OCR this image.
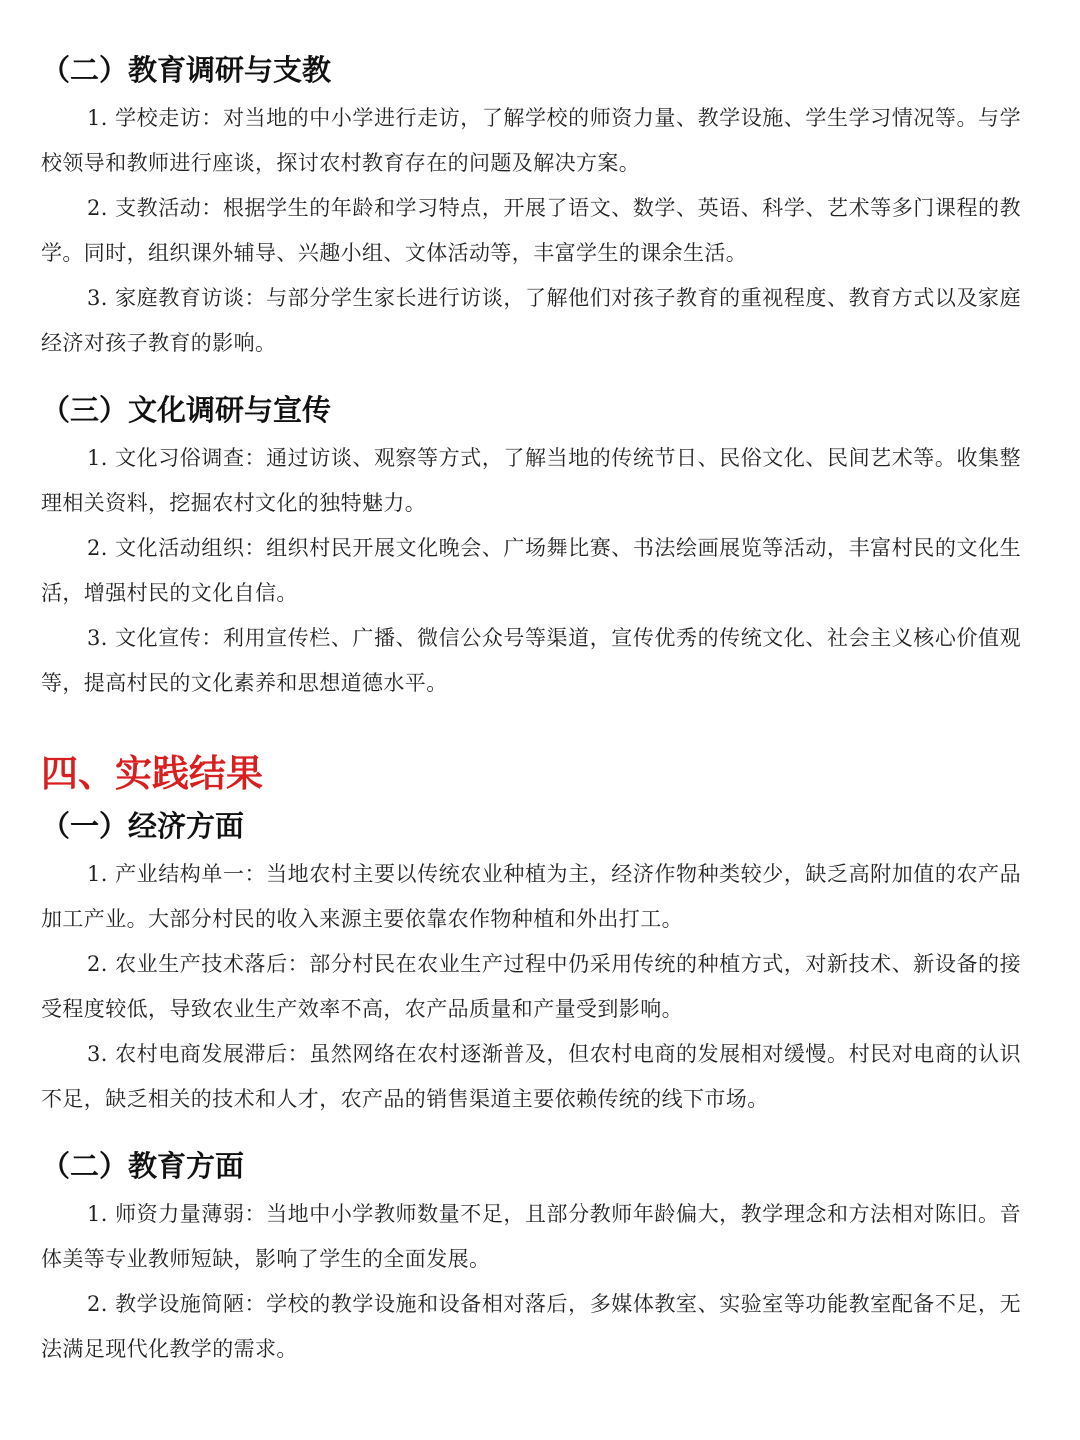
（二）教育调研与支教

1. 学校走访：对当地的中小学进行走访，了解学校的师资力量、教学设施、学生学习情况等。与学校领导和教师进行座谈，探讨农村教育存在的问题及解决方案。

2. 支教活动：根据学生的年龄和学习特点，开展了语文、数学、英语、科学、艺术等多门课程的教学。同时，组织课外辅导、兴趣小组、文体活动等，丰富学生的课余生活。

3. 家庭教育访谈：与部分学生家长进行访谈，了解他们对孩子教育的重视程度、教育方式以及家庭经济对孩子教育的影响。

（三）文化调研与宣传

1. 文化习俗调查：通过访谈、观察等方式，了解当地的传统节日、民俗文化、民间艺术等。收集整理相关资料，挖掘农村文化的独特魅力。

2. 文化活动组织：组织村民开展文化晚会、广场舞比赛、书法绘画展览等活动，丰富村民的文化生活，增强村民的文化自信。

3. 文化宣传：利用宣传栏、广播、微信公众号等渠道，宣传优秀的传统文化、社会主义核心价值观等，提高村民的文化素养和思想道德水平。

四、实践结果
（一）经济方面

1. 产业结构单一：当地农村主要以传统农业种植为主，经济作物种类较少，缺乏高附加值的农产品加工产业。大部分村民的收入来源主要依靠农作物种植和外出打工。

2. 农业生产技术落后：部分村民在农业生产过程中仍采用传统的种植方式，对新技术、新设备的接受程度较低，导致农业生产效率不高，农产品质量和产量受到影响。

3. 农村电商发展滞后：虽然网络在农村逐渐普及，但农村电商的发展相对缓慢。村民对电商的认识不足，缺乏相关的技术和人才，农产品的销售渠道主要依赖传统的线下市场。

（二）教育方面

1. 师资力量薄弱：当地中小学教师数量不足，且部分教师年龄偏大，教学理念和方法相对陈旧。音体美等专业教师短缺，影响了学生的全面发展。

2. 教学设施简陋：学校的教学设施和设备相对落后，多媒体教室、实验室等功能教室配备不足，无法满足现代化教学的需求。
